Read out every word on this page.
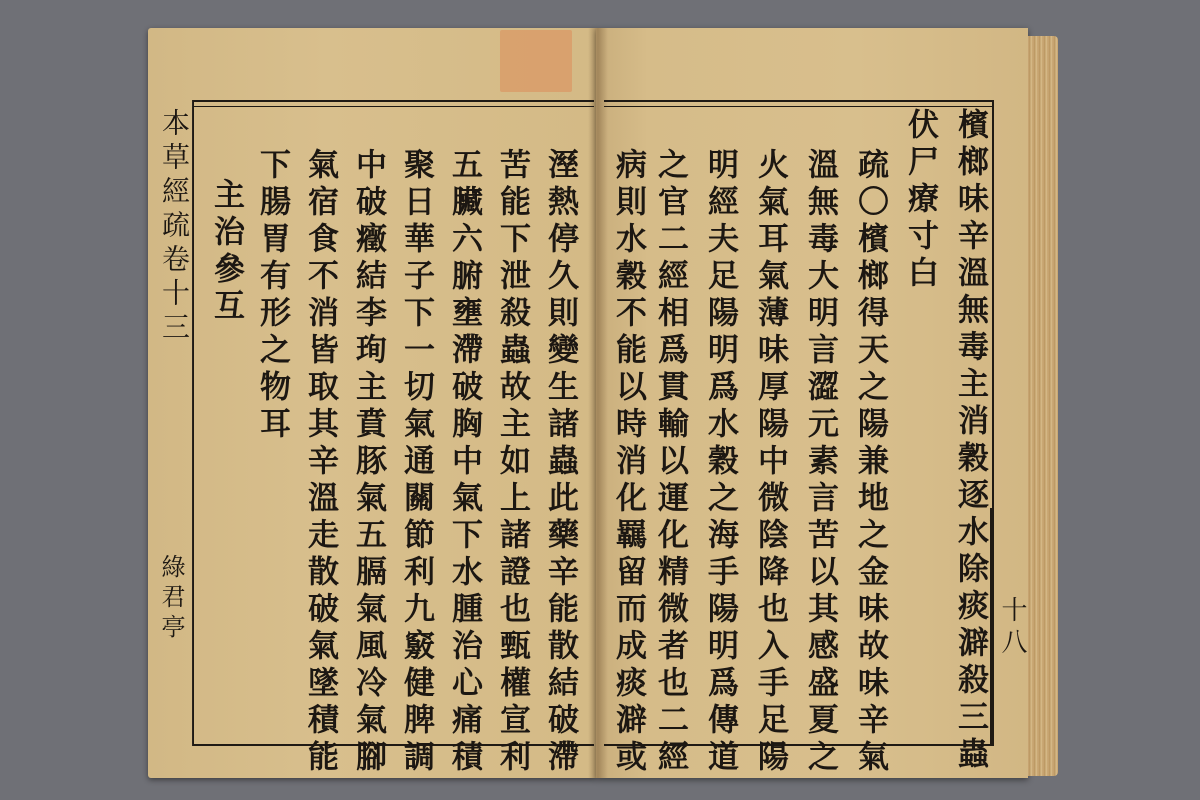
本草經疏卷十三
綠君亭	十八
檳榔味辛溫無毒主消穀逐水除痰澼殺三蟲
伏尸療寸白
疏〇檳榔得天之陽兼地之金味故味辛氣
溫無毒大明言澀元素言苦以其感盛夏之
火氣耳氣薄味厚陽中微陰降也入手足陽
明經夫足陽明爲水穀之海手陽明爲傳道
之官二經相爲貫輸以運化精微者也二經
病則水穀不能以時消化羈留而成痰澼或
溼熱停久則變生諸蟲此藥辛能散結破滯
苦能下泄殺蟲故主如上諸證也甄權宣利
五臟六腑壅滯破胸中氣下水腫治心痛積
聚日華子下一切氣通關節利九竅健脾調
中破癥結李珣主賁豚氣五膈氣風冷氣腳
氣宿食不消皆取其辛溫走散破氣墜積能
下腸胃有形之物耳
主治參互
